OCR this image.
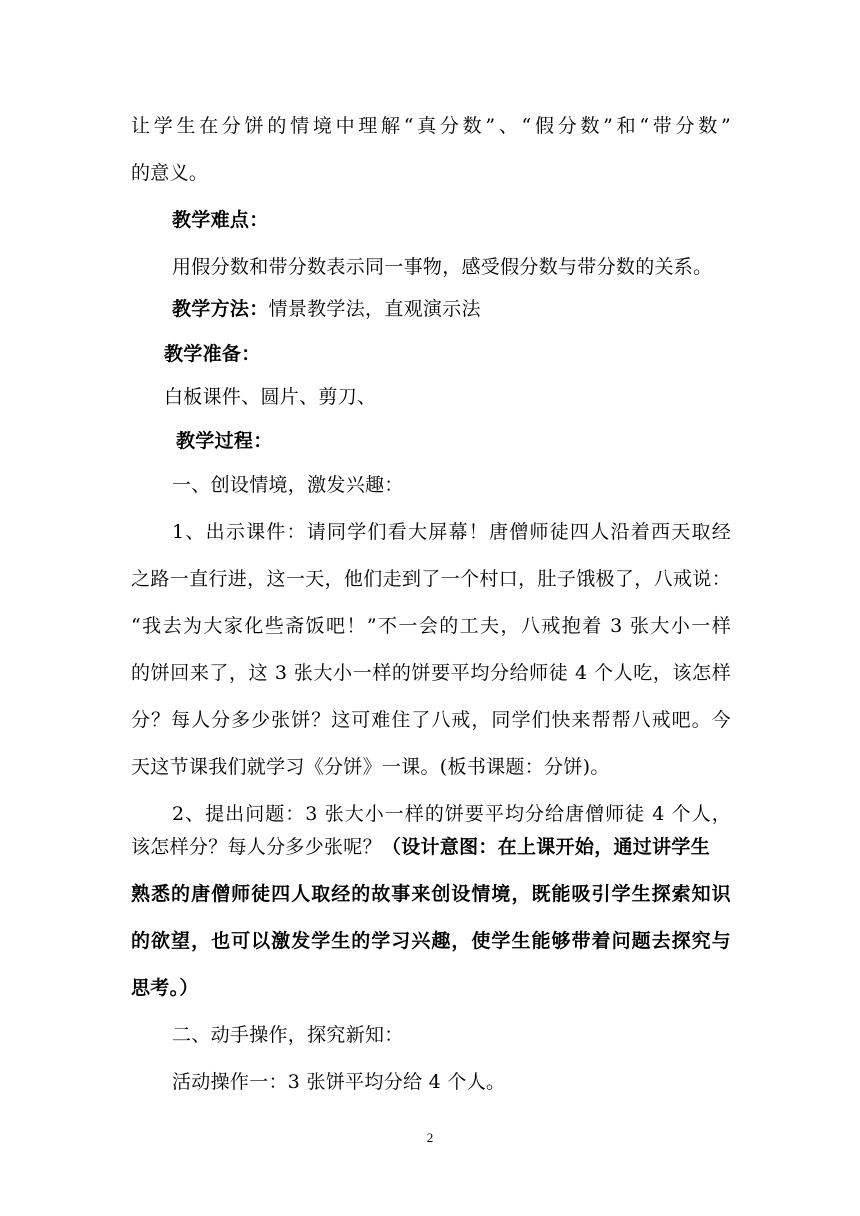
让学生在分饼的情境中理解“真分数”、“假分数”和“带分数”

的意义。

教学难点：

用假分数和带分数表示同一事物，感受假分数与带分数的关系。

教学方法：情景教学法，直观演示法

教学准备：

白板课件、圆片、剪刀、

教学过程：

一、创设情境，激发兴趣：

1、出示课件：请同学们看大屏幕！唐僧师徒四人沿着西天取经

之路一直行进，这一天，他们走到了一个村口，肚子饿极了，八戒说：

“我去为大家化些斋饭吧！”不一会的工夫，八戒抱着 3 张大小一样

的饼回来了，这 3 张大小一样的饼要平均分给师徒 4 个人吃，该怎样

分？每人分多少张饼？这可难住了八戒，同学们快来帮帮八戒吧。今

天这节课我们就学习《分饼》一课。(板书课题：分饼)。

2、提出问题：3 张大小一样的饼要平均分给唐僧师徒 4 个人，

该怎样分？每人分多少张呢？（设计意图：在上课开始，通过讲学生

熟悉的唐僧师徒四人取经的故事来创设情境，既能吸引学生探索知识

的欲望，也可以激发学生的学习兴趣，使学生能够带着问题去探究与

思考。）

二、动手操作，探究新知：

活动操作一：3 张饼平均分给 4 个人。

2
